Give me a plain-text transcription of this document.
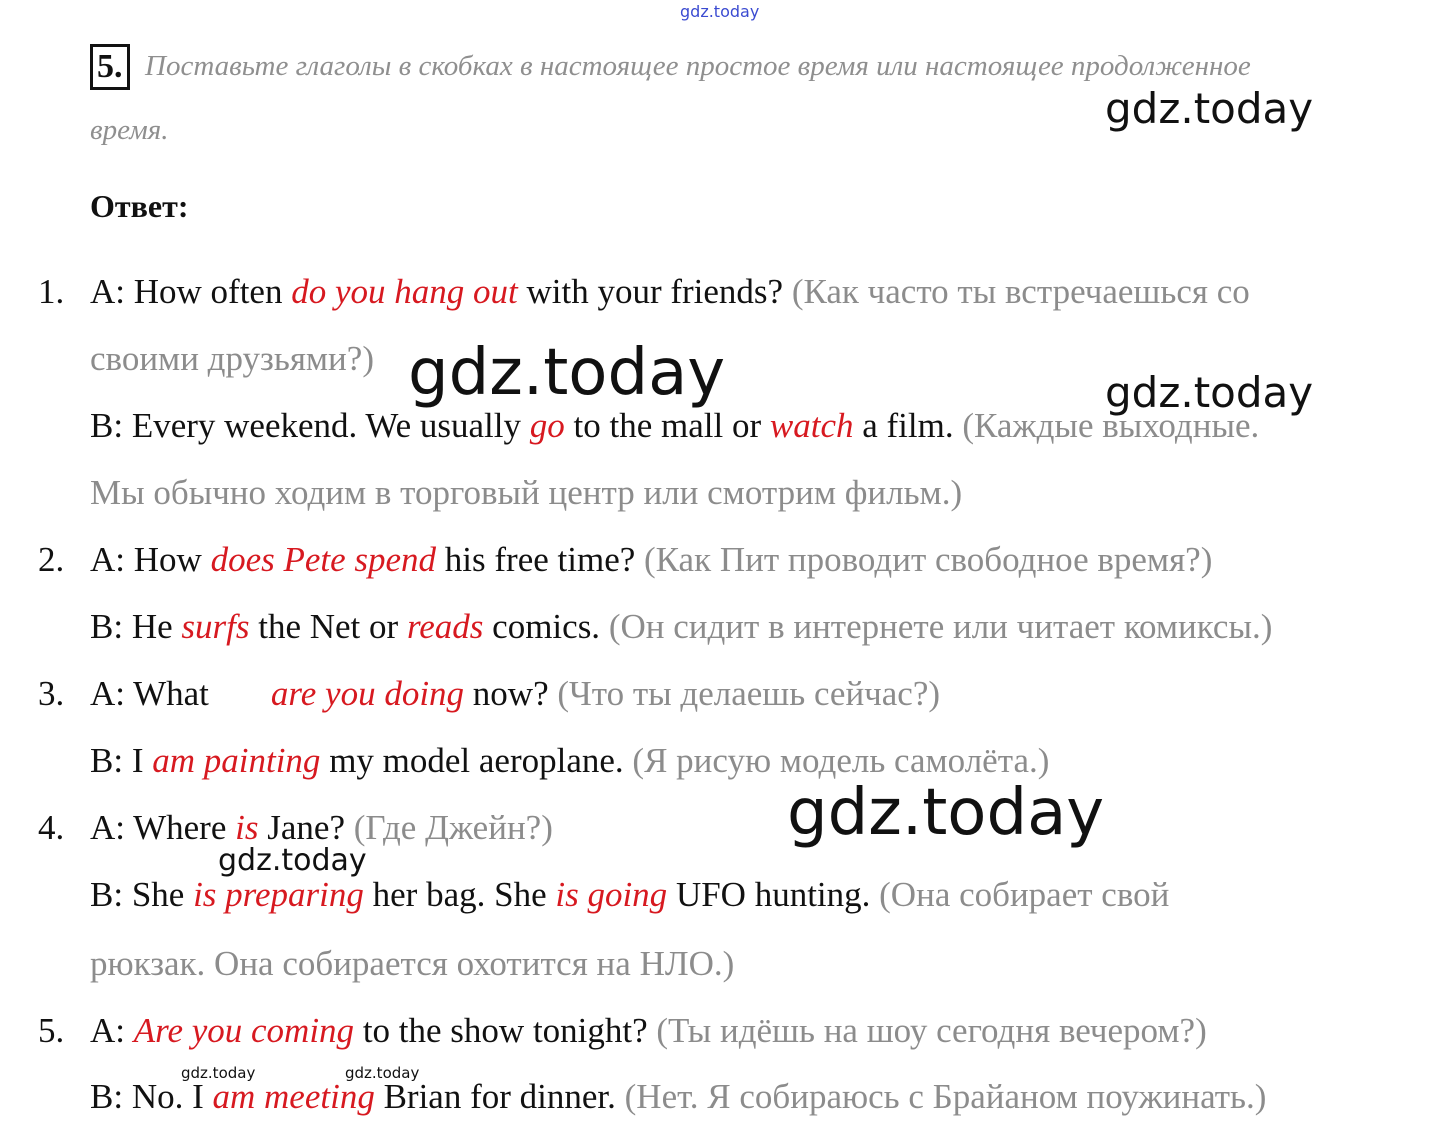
gdz.today
5. Поставьте глаголы в скобках в настоящее простое время или настоящее продолженное
время.
Ответ:
1. A: How often do you hang out with your friends? (Как часто ты встречаешься со
своими друзьями?)
B: Every weekend. We usually go to the mall or watch a film. (Каждые выходные.
Мы обычно ходим в торговый центр или смотрим фильм.)
2. A: How does Pete spend his free time? (Как Пит проводит свободное время?)
B: He surfs the Net or reads comics. (Он сидит в интернете или читает комиксы.)
3. A: What are you doing now? (Что ты делаешь сейчас?)
B: I am painting my model aeroplane. (Я рисую модель самолёта.)
4. A: Where is Jane? (Где Джейн?)
B: She is preparing her bag. She is going UFO hunting. (Она собирает свой
рюкзак. Она собирается охотится на НЛО.)
5. A: Are you coming to the show tonight? (Ты идёшь на шоу сегодня вечером?)
B: No. I am meeting Brian for dinner. (Нет. Я собираюсь с Брайаном поужинать.)
gdz.today
gdz.today	gdz.today
gdz.today
gdz.today
gdz.today	gdz.today
